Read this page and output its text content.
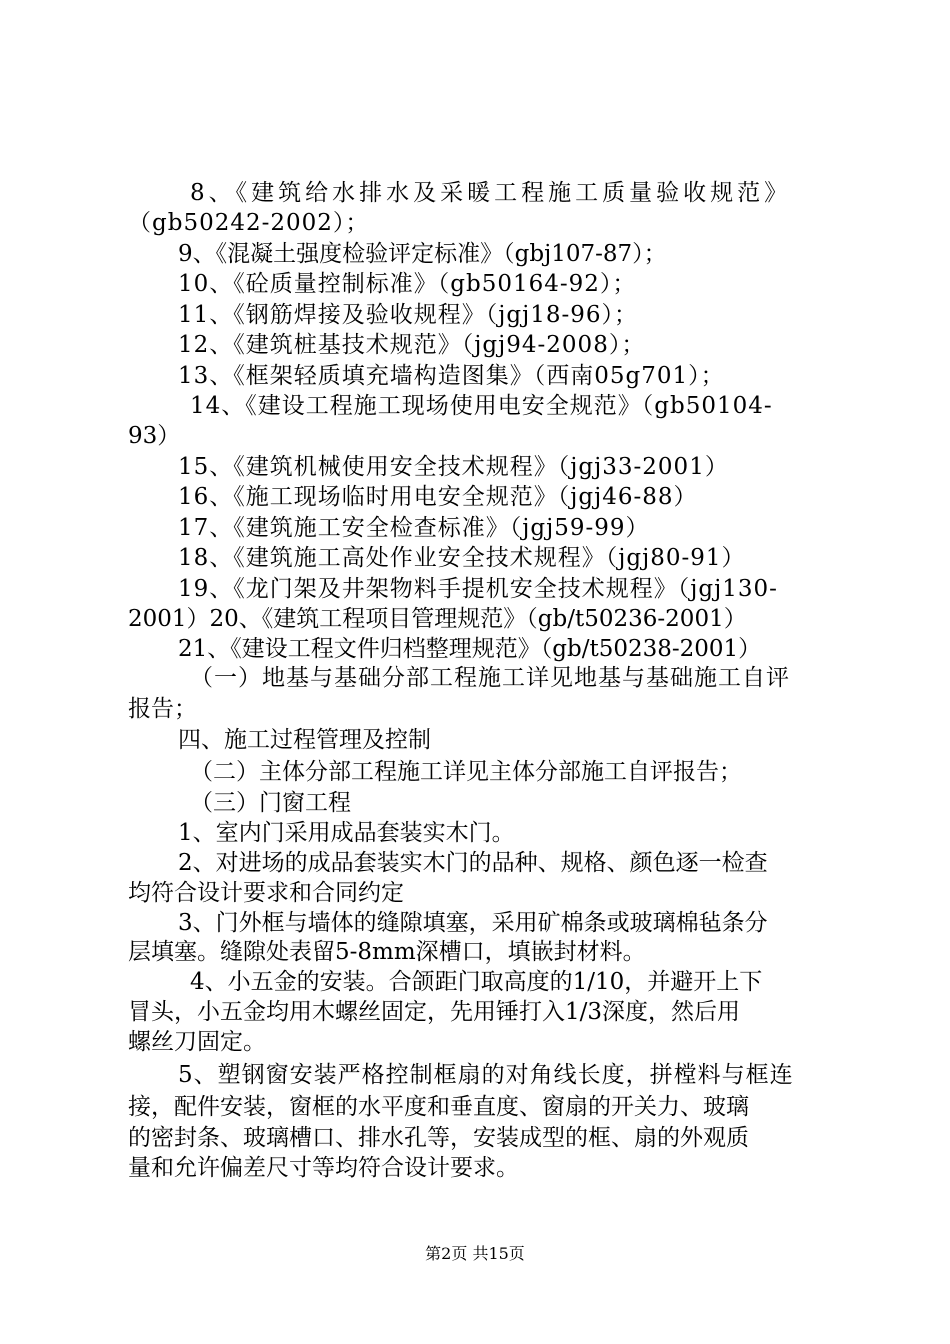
8、《建筑给水排水及采暖工程施工质量验收规范》
（gb50242-2002）；
9、《混凝土强度检验评定标准》（gbj107-87）；
10、《砼质量控制标准》（gb50164-92）；
11、《钢筋焊接及验收规程》（jgj18-96）；
12、《建筑桩基技术规范》（jgj94-2008）；
13、《框架轻质填充墙构造图集》（西南05g701）；
14、《建设工程施工现场使用电安全规范》（gb50104-
93）
15、《建筑机械使用安全技术规程》（jgj33-2001）
16、《施工现场临时用电安全规范》（jgj46-88）
17、《建筑施工安全检查标准》（jgj59-99）
18、《建筑施工高处作业安全技术规程》（jgj80-91）
19、《龙门架及井架物料手提机安全技术规程》（jgj130-
2001）20、《建筑工程项目管理规范》（gb/t50236-2001）
21、《建设工程文件归档整理规范》（gb/t50238-2001）
（一）地基与基础分部工程施工详见地基与基础施工自评
报告；
四、施工过程管理及控制
（二）主体分部工程施工详见主体分部施工自评报告；
（三）门窗工程
1、室内门采用成品套装实木门。
2、对进场的成品套装实木门的品种、规格、颜色逐一检查
均符合设计要求和合同约定
3、门外框与墙体的缝隙填塞，采用矿棉条或玻璃棉毡条分
层填塞。缝隙处表留5-8mm深槽口，填嵌封材料。
4、小五金的安装。合颌距门取高度的1/10，并避开上下
冒头，小五金均用木螺丝固定，先用锤打入1/3深度，然后用
螺丝刀固定。
5、塑钢窗安装严格控制框扇的对角线长度，拼樘料与框连
接，配件安装，窗框的水平度和垂直度、窗扇的开关力、玻璃
的密封条、玻璃槽口、排水孔等，安装成型的框、扇的外观质
量和允许偏差尺寸等均符合设计要求。
第2页 共15页
